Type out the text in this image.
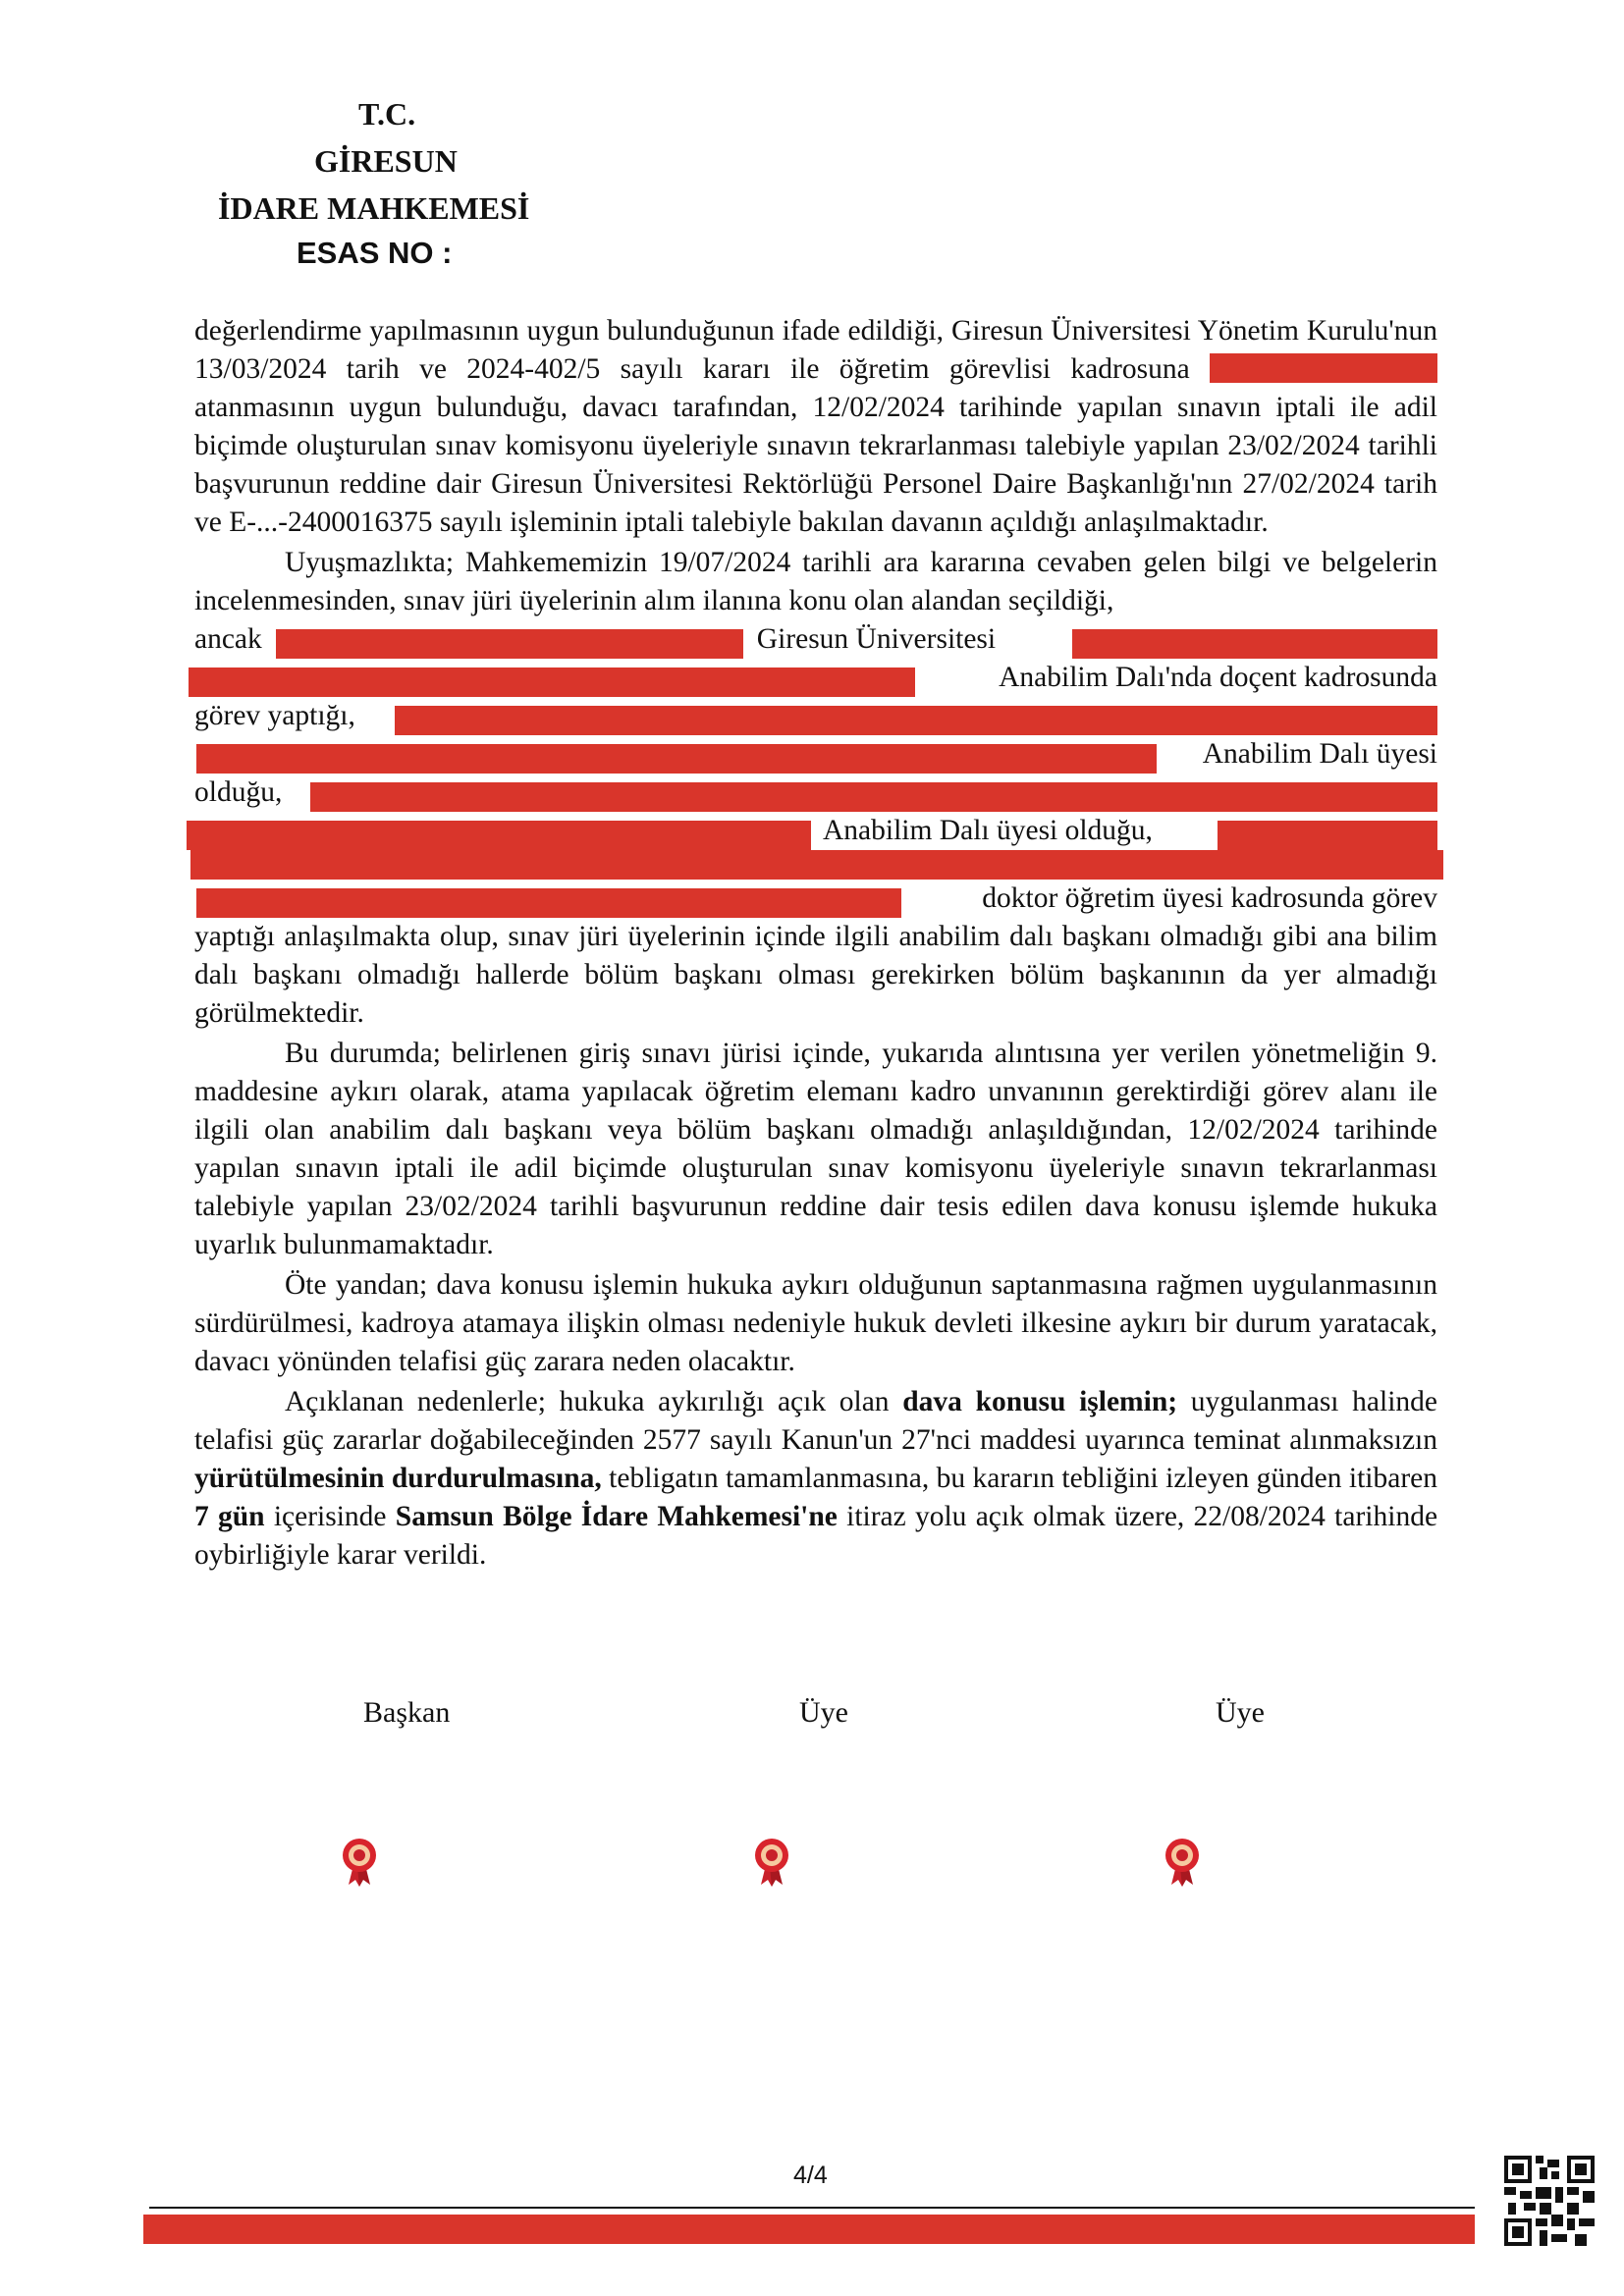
T.C.
GİRESUN
İDARE MAHKEMESİ
ESAS NO :

değerlendirme yapılmasının uygun bulunduğunun ifade edildiği, Giresun Üniversitesi Yönetim Kurulu'nun 13/03/2024 tarih ve 2024-402/5 sayılı kararı ile öğretim görevlisi kadrosuna  atanmasının uygun bulunduğu, davacı tarafından, 12/02/2024 tarihinde yapılan sınavın iptali ile adil biçimde oluşturulan sınav komisyonu üyeleriyle sınavın tekrarlanması talebiyle yapılan 23/02/2024 tarihli başvurunun reddine dair Giresun Üniversitesi Rektörlüğü Personel Daire Başkanlığı'nın 27/02/2024 tarih ve E-...-2400016375 sayılı işleminin iptali talebiyle bakılan davanın açıldığı anlaşılmaktadır.

Uyuşmazlıkta; Mahkememizin 19/07/2024 tarihli ara kararına cevaben gelen bilgi ve belgelerin incelenmesinden, sınav jüri üyelerinin alım ilanına konu olan alandan seçildiği,
ancak	Giresun Üniversitesi
Anabilim Dalı'nda doçent kadrosunda
görev yaptığı,
Anabilim Dalı üyesi
olduğu,
Anabilim Dalı üyesi olduğu,
doktor öğretim üyesi kadrosunda görev

yaptığı anlaşılmakta olup, sınav jüri üyelerinin içinde ilgili anabilim dalı başkanı olmadığı gibi ana bilim dalı başkanı olmadığı hallerde bölüm başkanı olması gerekirken bölüm başkanının da yer almadığı görülmektedir.

Bu durumda; belirlenen giriş sınavı jürisi içinde, yukarıda alıntısına yer verilen yönetmeliğin 9. maddesine aykırı olarak, atama yapılacak öğretim elemanı kadro unvanının gerektirdiği görev alanı ile ilgili olan anabilim dalı başkanı veya bölüm başkanı olmadığı anlaşıldığından, 12/02/2024 tarihinde yapılan sınavın iptali ile adil biçimde oluşturulan sınav komisyonu üyeleriyle sınavın tekrarlanması talebiyle yapılan 23/02/2024 tarihli başvurunun reddine dair tesis edilen dava konusu işlemde hukuka uyarlık bulunmamaktadır.

Öte yandan; dava konusu işlemin hukuka aykırı olduğunun saptanmasına rağmen uygulanmasının sürdürülmesi, kadroya atamaya ilişkin olması nedeniyle hukuk devleti ilkesine aykırı bir durum yaratacak, davacı yönünden telafisi güç zarara neden olacaktır.

Açıklanan nedenlerle; hukuka aykırılığı açık olan dava konusu işlemin; uygulanması halinde telafisi güç zararlar doğabileceğinden 2577 sayılı Kanun'un 27'nci maddesi uyarınca teminat alınmaksızın yürütülmesinin durdurulmasına, tebligatın tamamlanmasına, bu kararın tebliğini izleyen günden itibaren 7 gün içerisinde Samsun Bölge İdare Mahkemesi'ne itiraz yolu açık olmak üzere, 22/08/2024 tarihinde oybirliğiyle karar verildi.

Başkan	Üye	Üye
4/4
